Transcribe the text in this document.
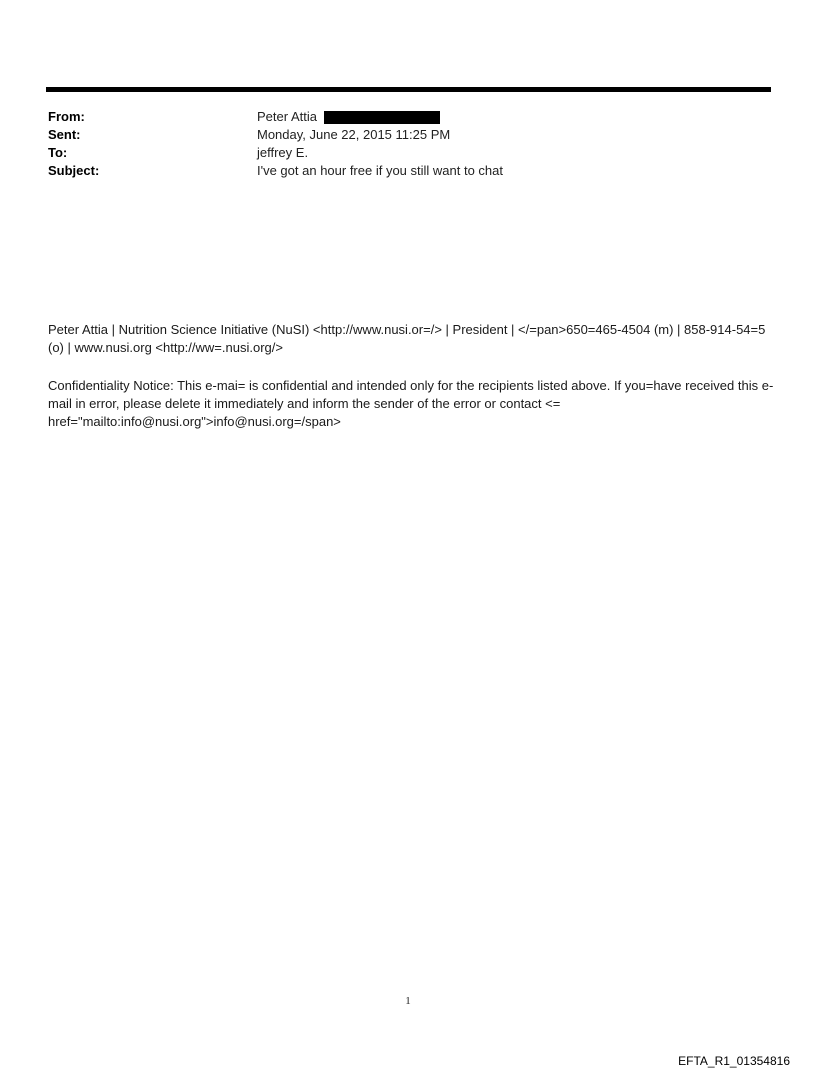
From:	Peter Attia
Sent:	Monday, June 22, 2015 11:25 PM
To:	jeffrey E.
Subject:	I've got an hour free if you still want to chat
Peter Attia | Nutrition Science Initiative (NuSI) <http://www.nusi.or=/> | President | </=pan>650=465-4504 (m) | 858-914-54=5 (o) | www.nusi.org <http://ww=.nusi.org/>
Confidentiality Notice: This e-mai= is confidential and intended only for the recipients listed above. If you=have received this e-mail in error, please delete it immediately and inform the sender of the error or contact <= href="mailto:info@nusi.org">info@nusi.org=/span>
1
EFTA_R1_01354816
